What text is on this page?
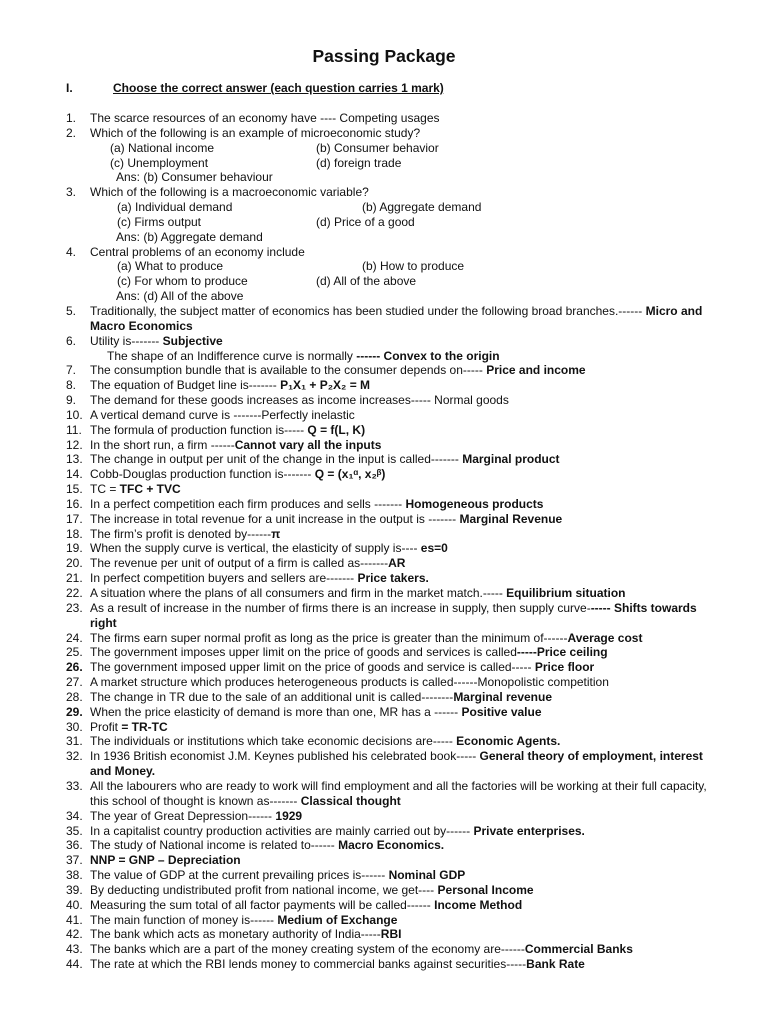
Passing Package
I.	Choose the correct answer (each question carries 1 mark)
1. The scarce resources of an economy have ---- Competing usages
2. Which of the following is an example of microeconomic study?
(a) National income	(b) Consumer behavior
(c) Unemployment	(d) foreign trade
Ans: (b) Consumer behaviour
3. Which of the following is a macroeconomic variable?
(a) Individual demand	(b) Aggregate demand
(c) Firms output	(d) Price of a good
Ans: (b) Aggregate demand
4. Central problems of an economy include
(a) What to produce	(b) How to produce
(c) For whom to produce	(d) All of the above
Ans: (d) All of the above
5. Traditionally, the subject matter of economics has been studied under the following broad branches.------ Micro and Macro Economics
6. Utility is------- Subjective
The shape of an Indifference curve is normally ------ Convex to the origin
7. The consumption bundle that is available to the consumer depends on----- Price and income
8. The equation of Budget line is------- P₁X₁ + P₂X₂ = M
9. The demand for these goods increases as income increases----- Normal goods
10. A vertical demand curve is -------Perfectly inelastic
11. The formula of production function is----- Q = f(L, K)
12. In the short run, a firm ------Cannot vary all the inputs
13. The change in output per unit of the change in the input is called------- Marginal product
14. Cobb-Douglas production function is------- Q = (x₁ᵅ, x₂ᵝ)
15. TC = TFC + TVC
16. In a perfect competition each firm produces and sells ------- Homogeneous products
17. The increase in total revenue for a unit increase in the output is ------- Marginal Revenue
18. The firm’s profit is denoted by------π
19. When the supply curve is vertical, the elasticity of supply is---- es=0
20. The revenue per unit of output of a firm is called as-------AR
21. In perfect competition buyers and sellers are------- Price takers.
22. A situation where the plans of all consumers and firm in the market match.----- Equilibrium situation
23. As a result of increase in the number of firms there is an increase in supply, then supply curve------ Shifts towards right
24. The firms earn super normal profit as long as the price is greater than the minimum of------Average cost
25. The government imposes upper limit on the price of goods and services is called-----Price ceiling
26. The government imposed upper limit on the price of goods and service is called----- Price floor
27. A market structure which produces heterogeneous products is called------Monopolistic competition
28. The change in TR due to the sale of an additional unit is called--------Marginal revenue
29. When the price elasticity of demand is more than one, MR has a ------ Positive value
30. Profit = TR-TC
31. The individuals or institutions which take economic decisions are----- Economic Agents.
32. In 1936 British economist J.M. Keynes published his celebrated book----- General theory of employment, interest and Money.
33. All the labourers who are ready to work will find employment and all the factories will be working at their full capacity, this school of thought is known as------- Classical thought
34. The year of Great Depression------ 1929
35. In a capitalist country production activities are mainly carried out by------ Private enterprises.
36. The study of National income is related to------ Macro Economics.
37. NNP = GNP – Depreciation
38. The value of GDP at the current prevailing prices is------ Nominal GDP
39. By deducting undistributed profit from national income, we get---- Personal Income
40. Measuring the sum total of all factor payments will be called------ Income Method
41. The main function of money is------ Medium of Exchange
42. The bank which acts as monetary authority of India-----RBI
43. The banks which are a part of the money creating system of the economy are------Commercial Banks
44. The rate at which the RBI lends money to commercial banks against securities-----Bank Rate
